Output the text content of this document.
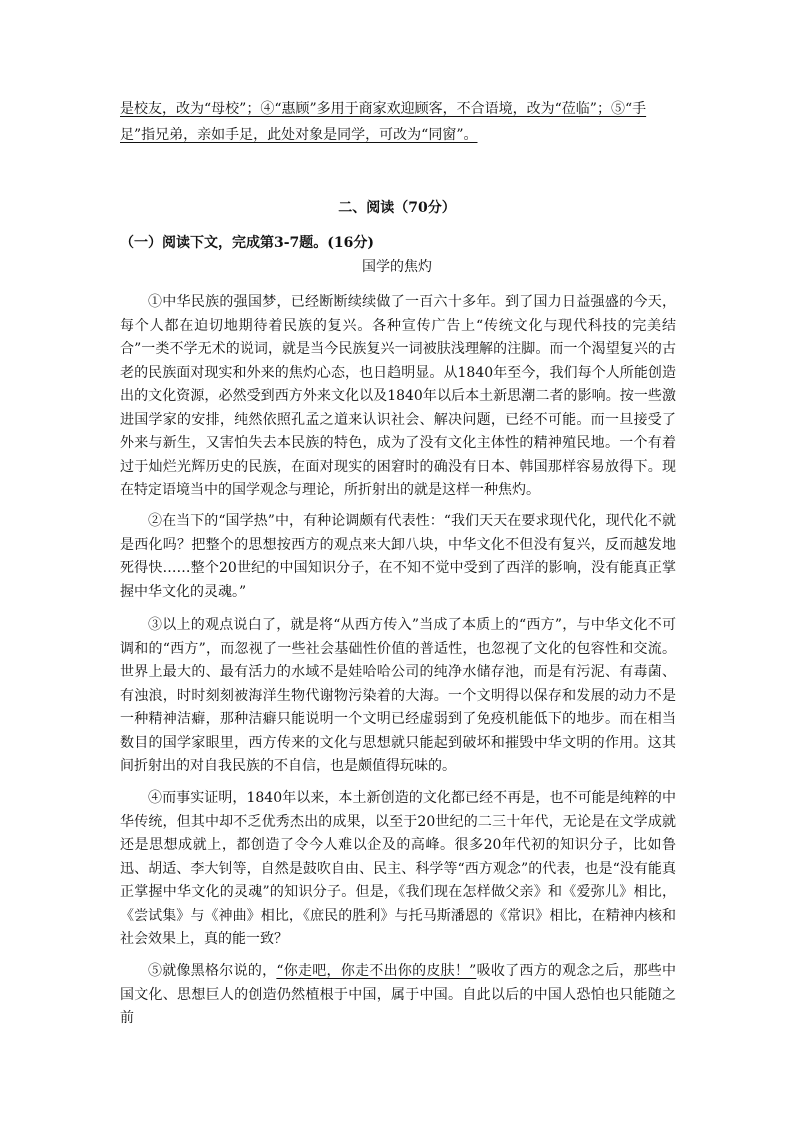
是校友，改为“母校”；④“惠顾”多用于商家欢迎顾客，不合语境，改为“莅临”；⑤“手足”指兄弟，亲如手足，此处对象是同学，可改为“同窗”。
二、阅读（70分）
（一）阅读下文，完成第3-7题。(16分)
国学的焦灼

①中华民族的强国梦，已经断断续续做了一百六十多年。到了国力日益强盛的今天，每个人都在迫切地期待着民族的复兴。各种宣传广告上“传统文化与现代科技的完美结合”一类不学无术的说词，就是当今民族复兴一词被肤浅理解的注脚。而一个渴望复兴的古老的民族面对现实和外来的焦灼心态，也日趋明显。从1840年至今，我们每个人所能创造出的文化资源，必然受到西方外来文化以及1840年以后本土新思潮二者的影响。按一些激进国学家的安排，纯然依照孔孟之道来认识社会、解决问题，已经不可能。而一旦接受了外来与新生，又害怕失去本民族的特色，成为了没有文化主体性的精神殖民地。一个有着过于灿烂光辉历史的民族，在面对现实的困窘时的确没有日本、韩国那样容易放得下。现在特定语境当中的国学观念与理论，所折射出的就是这样一种焦灼。

②在当下的“国学热”中，有种论调颇有代表性：“我们天天在要求现代化，现代化不就是西化吗？把整个的思想按西方的观点来大卸八块，中华文化不但没有复兴，反而越发地死得快……整个20世纪的中国知识分子，在不知不觉中受到了西洋的影响，没有能真正掌握中华文化的灵魂。”

③以上的观点说白了，就是将“从西方传入”当成了本质上的“西方”，与中华文化不可调和的“西方”，而忽视了一些社会基础性价值的普适性，也忽视了文化的包容性和交流。世界上最大的、最有活力的水域不是娃哈哈公司的纯净水储存池，而是有污泥、有毒菌、有浊浪，时时刻刻被海洋生物代谢物污染着的大海。一个文明得以保存和发展的动力不是一种精神洁癖，那种洁癖只能说明一个文明已经虚弱到了免疫机能低下的地步。而在相当数目的国学家眼里，西方传来的文化与思想就只能起到破坏和摧毁中华文明的作用。这其间折射出的对自我民族的不自信，也是颇值得玩味的。

④而事实证明，1840年以来，本土新创造的文化都已经不再是，也不可能是纯粹的中华传统，但其中却不乏优秀杰出的成果，以至于20世纪的二三十年代，无论是在文学成就还是思想成就上，都创造了令今人难以企及的高峰。很多20年代初的知识分子，比如鲁迅、胡适、李大钊等，自然是鼓吹自由、民主、科学等“西方观念”的代表，也是“没有能真正掌握中华文化的灵魂”的知识分子。但是，《我们现在怎样做父亲》和《爱弥儿》相比，《尝试集》与《神曲》相比，《庶民的胜利》与托马斯潘恩的《常识》相比，在精神内核和社会效果上，真的能一致？

⑤就像黑格尔说的，“你走吧，你走不出你的皮肤！”吸收了西方的观念之后，那些中国文化、思想巨人的创造仍然植根于中国，属于中国。自此以后的中国人恐怕也只能随之前
